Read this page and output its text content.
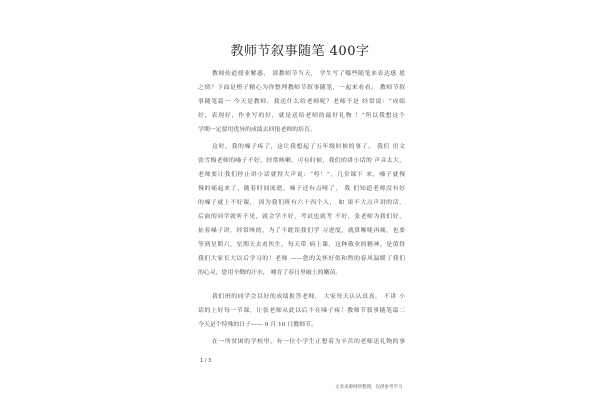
教师节叙事随笔 400字
教师传道授业解惑， 那教师节当天， 学生写了哪些随笔来表达感 恩
之情？下面是橙子精心为你整理教师节叙事随笔，一起来看看。 教师节叙
事随笔篇一 今天是教师，我送什么给老师呢？老师不是 经常说：“成绩
好，表现好，作业写的好，就是送给老师的最好礼物 ！”所以我想这个
学期一定要用优异的成绩去回报老师的培育。
这时，我的嗓子疼了，这让我想起了五年级时候的事了。 我们 语文
张雪梅老师的嗓子不好，经常咳嗽，可有时候，我们的讲小话的 声音太大，
老师要让我们停止讲小话就得大声说：“哼！”，几堂课下 来，嗓子就慢
慢的痛起来了，随着时间流逝，嗓子还有点哑了， 我 们知道老师没有好
的嗓子就上不好课， 因为我们班有六十四个人， 如 果不大点声讲的话，
后面的同学就听不见，就会学不好，考试也就考 不好，张老师为我们好，
扯着嗓子讲，经常咳的，为了不耽误我们学 习进度，就算喉咙再痛，也要
等到星期六，星期天去看医生，每天带 病上课，这种敬业的精神，是值得
我们大家长大以后学习的！老师 ——您的关怀好似和煦的春风温暖了我们
的心灵，您用辛勤的汗水， 哺育了春日里破土的嫩苗。
我们班的同学会以好的成绩报答老师， 大家每天认认真真， 不讲 小
话的上好每一节课，让张老师从此以后不在嗓子疼！教师节叙事随笔篇二
今天是个特殊的日子—— 9 月 10 日教师节。
在一所贫困的学校里，有一位小学生正想着为辛苦的老师送礼物的事
1 / 3
文章来源网络整理，仅供参考学习
